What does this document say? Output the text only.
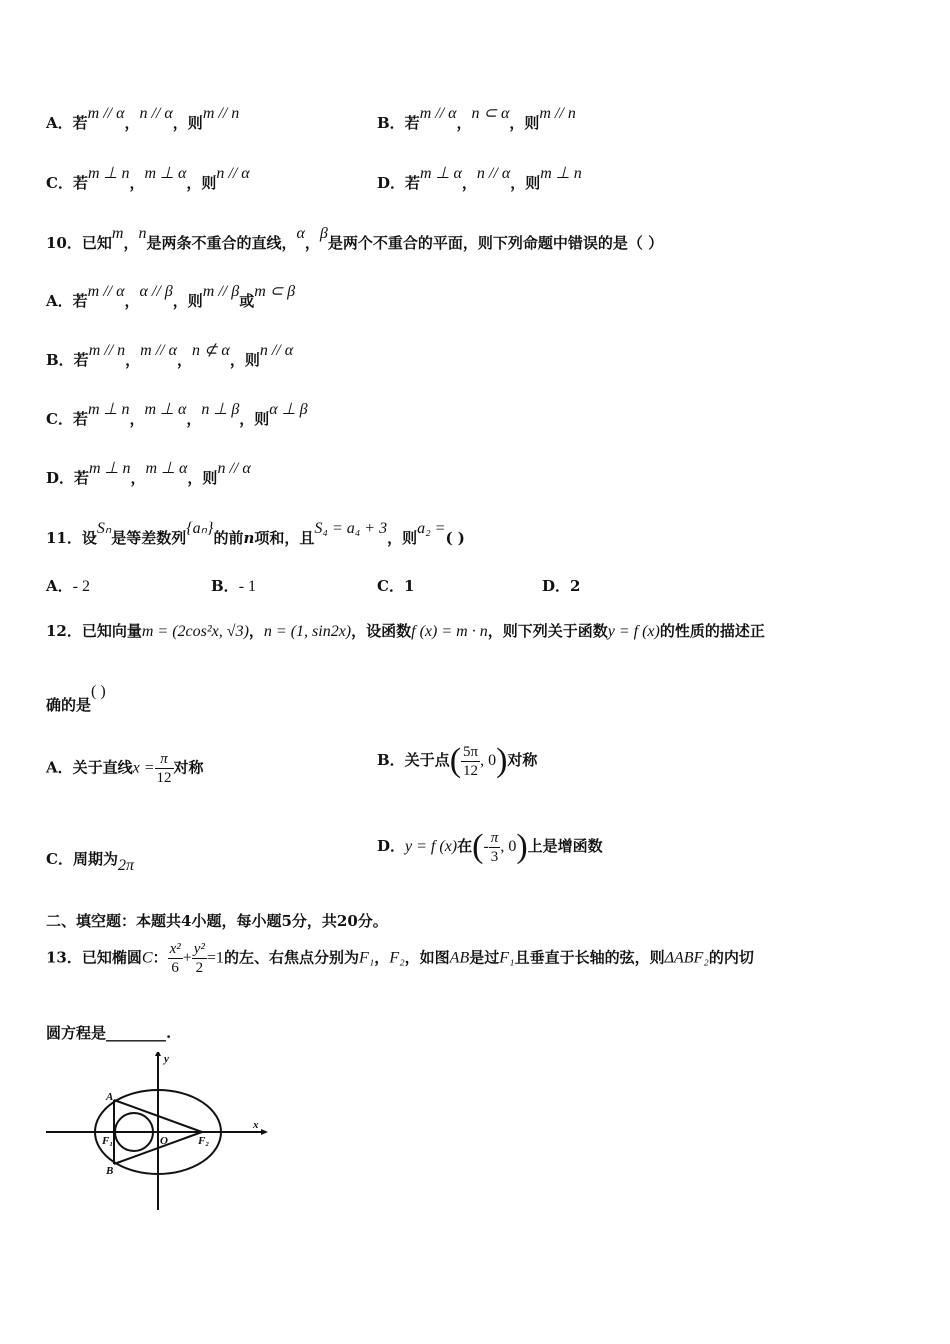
A．若m // α，n // α，则m // n
B．若m // α，n ⊂ α，则m // n
C．若m ⊥ n，m ⊥ α，则n // α
D．若m ⊥ α，n // α，则m ⊥ n
10．已知m，n是两条不重合的直线，α，β是两个不重合的平面，则下列命题中错误的是（ ）
A．若m // α，α // β，则m // β或m ⊂ β
B．若m // n，m // α，n ⊄ α，则n // α
C．若m ⊥ n，m ⊥ α，n ⊥ β，则α ⊥ β
D．若m ⊥ n，m ⊥ α，则n // α
11．设Sₙ是等差数列{aₙ}的前n项和，且S₄ = a₄ + 3，则a₂ =( )
A．- 2	B．- 1	C．1	D．2
12．已知向量m = (2cos²x, √3)，n = (1, sin2x)，设函数f (x) = m · n，则下列关于函数y = f (x)的性质的描述正
确的是( )
A．关于直线$x = \frac{\pi}{12}$ 对称	B．关于点( $\frac{5\pi}{12}$ , 0)对称
C．周期为2π
D．y = f (x)在(- $\frac{\pi}{3}$ , 0)上是增函数
二、填空题：本题共4小题，每小题5分，共20分。
13．已知椭圆C： $\frac{\text{x²}}{6} + \frac{\text{y²}}{2} =1$的左、右焦点分别为F₁，F₂，如图AB是过F₁且垂直于长轴的弦，则ΔABF₂的内切
圆方程是________.
y
x
A
B
O
F₁	F₂
